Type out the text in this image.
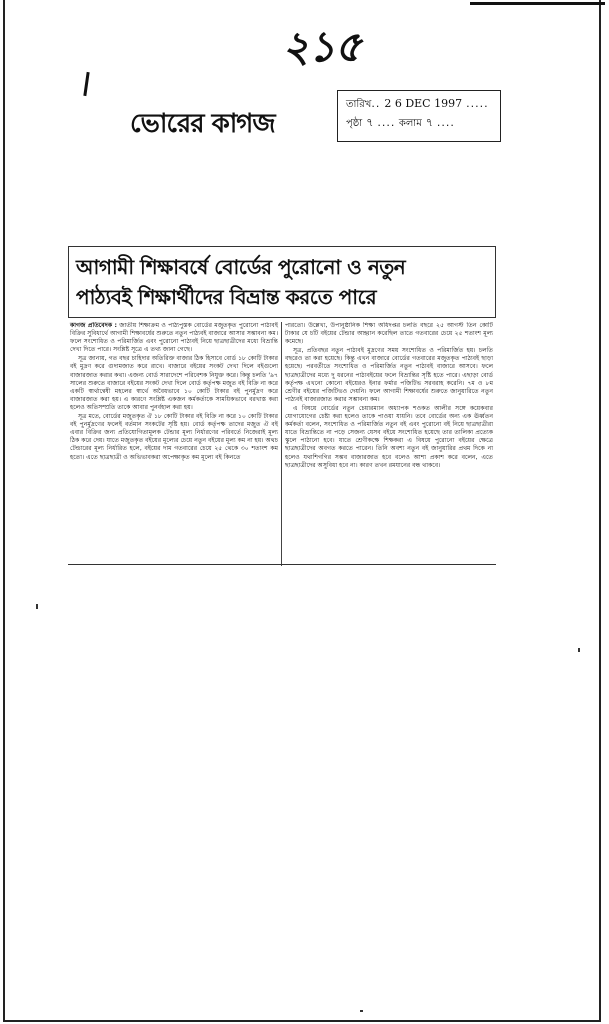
২১৫
ভোরের কাগজ
তারিখ.. 2 6 DEC 1997 .....
পৃষ্ঠা ৭ .... কলাম ৭ ....
আগামী শিক্ষাবর্ষে বোর্ডের পুরোনো ও নতুন
পাঠ্যবই শিক্ষার্থীদের বিভ্রান্ত করতে পারে

কাগজ প্রতিবেদক : জাতীয় শিক্ষাক্রম ও পাঠ্যপুস্তক বোর্ডের মজুতকৃত পুরোনো পাঠ্যবই বিক্রির সুবিধার্থে আগামী শিক্ষাবর্ষের শুরুতে নতুন পাঠ্যবই বাজারে আসার সম্ভাবনা কম। ফলে সংশোধিত ও পরিমার্জিত এবং পুরোনো পাঠ্যবই নিয়ে ছাত্রছাত্রীদের মধ্যে বিভ্রান্তি দেখা দিতে পারে। সংশ্লিষ্ট সূত্রে এ তথ্য জানা গেছে।

সূত্র জানায়, গত বছর চাহিদার অতিরিক্ত বাজার ঠিক হিসাবে বোর্ড ১৮ কোটি টাকার বই মুদ্রণ করে গুদামজাত করে রাখে। বাজারে বইয়ের সংকট দেখা দিলে বইগুলো বাজারজাত করার কথা। এজন্য বোর্ড সারাদেশে পরিবেশক নিযুক্ত করে। কিন্তু চলতি '৯৭ সালের শুরুতে বাজারে বইয়ের সংকট দেখা দিলে বোর্ড কর্তৃপক্ষ মজুত বই বিক্রি না করে একটি স্বার্থান্বেষী মহলের স্বার্থে অবৈধভাবে ১০ কোটি টাকার বই পুনর্মুদ্রণ করে বাজারজাত করা হয়। এ কারণে সংশ্লিষ্ট একজন কর্মকর্তাকে সাময়িকভাবে বরখাস্ত করা হলেও অতিসম্প্রতি তাকে আবার পুনর্বহাল করা হয়।

সূত্র মতে, বোর্ডের মজুতকৃত ঐ ১৮ কোটি টাকার বই বিক্রি না করে ১০ কোটি টাকার বই পুনর্মুদ্রণের ফলেই বর্তমান সংকটের সৃষ্টি হয়। বোর্ড কর্তৃপক্ষ তাদের মজুত ঐ বই এবার বিক্রির জন্য প্রতিযোগিতামূলক টেন্ডার মূল্য নির্ধারণের পরিবর্তে নিজেরাই মূল্য ঠিক করে দেয়। যাতে মজুতকৃত বইয়ের মূল্যের চেয়ে নতুন বইয়ের মূল্য কম না হয়। অথচ টেন্ডারের মূল্য নির্ধারিত হলে, বইয়ের দাম গতবারের চেয়ে ২৫ থেকে ৩০ শতাংশ কম হতো। এতে ছাত্রছাত্রী ও অভিভাবকরা অপেক্ষাকৃত কম মূল্যে বই কিনতে

পারতো। উল্লেখ্য, উপানুষ্ঠানিক শিক্ষা অধিদপ্তর চলতি বছরে ২৫ আগস্ট তিন কোটি টাকার যে চটি বইয়ের টেন্ডার আহ্বান করেছিল তাতে গতবারের চেয়ে ২৫ শতাংশ মূল্য কমেছে।

সূত্র, প্রতিবছর নতুন পাঠ্যবই মুদ্রণের সময় সংশোধিত ও পরিমার্জিত হয়। চলতি বছরেও তা করা হয়েছে। কিন্তু এখন বাজারে বোর্ডের গতবারের মজুতকৃত পাঠ্যবই ছাড়া হয়েছে। পরবর্তীতে সংশোধিত ও পরিমার্জিত নতুন পাঠ্যবই বাজারে আসবে। ফলে ছাত্রছাত্রীদের মধ্যে দু ধরনের পাঠ্যবইয়ের ফলে বিভ্রান্তির সৃষ্টি হতে পারে। এছাড়া বোর্ড কর্তৃপক্ষ এখনো কোনো বইয়েরও ইনার ফর্মার পজিটিভ সরবরাহ করেনি। ৭ম ও ৮ম শ্রেণীর বইয়ের পজিটিভও দেয়নি। ফলে আগামী শিক্ষাবর্ষের শুরুতে জানুয়ারিতে নতুন পাঠ্যবই বাজারজাত করার সম্ভাবনা কম।

এ বিষয়ে বোর্ডের নতুন চেয়ারম্যান অধ্যাপক শওকত আলীর সঙ্গে কয়েকবার যোগাযোগের চেষ্টা করা হলেও তাকে পাওয়া যায়নি। তবে বোর্ডের অন্য এক ঊর্ধ্বতন কর্মকর্তা বলেন, সংশোধিত ও পরিমার্জিত নতুন বই এবং পুরোনো বই নিয়ে ছাত্রছাত্রীরা যাতে বিভ্রান্তিতে না পড়ে সেজন্য যেসব বইয়ে সংশোধিত হয়েছে তার তালিকা প্রত্যেক স্কুলে পাঠানো হবে। যাতে শ্রেণীকক্ষে শিক্ষকরা এ বিষয়ে পুরোনো বইয়ের ক্ষেত্রে ছাত্রছাত্রীদের অবগত করতে পারেন। তিনি অবশ্য নতুন বই জানুয়ারির প্রথম দিকে না হলেও যথাশিগগির সম্ভব বাজারজাত হবে বলেও আশা প্রকাশ করে বলেন, এতে ছাত্রছাত্রীদের অসুবিধা হবে না। কারণ তখন রমযানের বন্ধ থাকবে।
